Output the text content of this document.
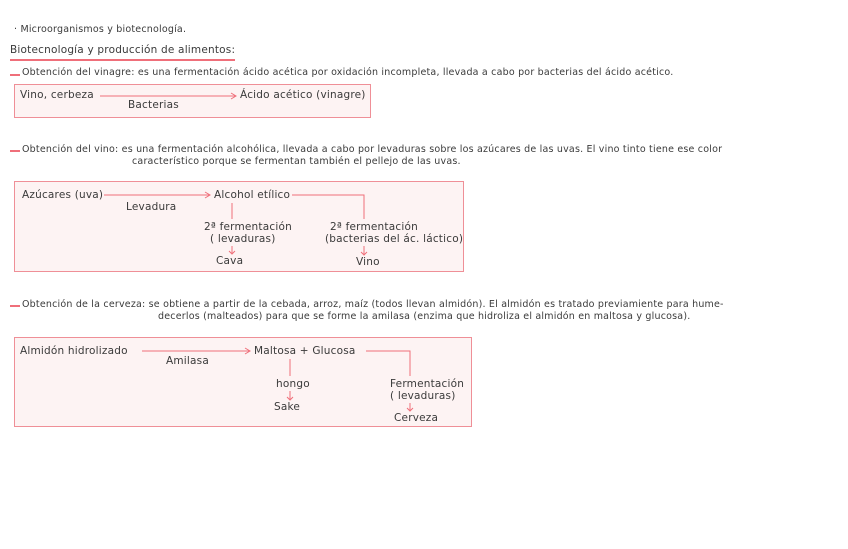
· Microorganismos y biotecnología.
Biotecnología y producción de alimentos:
Obtención del vinagre: es una fermentación ácido acética por oxidación incompleta, llevada a cabo por bacterias del ácido acético.
Vino, cerbeza
Bacterias
Ácido acético (vinagre)
Obtención del vino: es una fermentación alcohólica, llevada a cabo por levaduras sobre los azúcares de las uvas. El vino tinto tiene ese color
característico porque se fermentan también el pellejo de las uvas.
Azúcares (uva)
Levadura
Alcohol etílico
2ª fermentación
( levaduras)
Cava
2ª fermentación
(bacterias del ác. láctico)
Vino
Obtención de la cerveza: se obtiene a partir de la cebada, arroz, maíz (todos llevan almidón). El almidón es tratado previamiente para hume-
decerlos (malteados) para que se forme la amilasa (enzima que hidroliza el almidón en maltosa y glucosa).
Almidón hidrolizado
Amilasa
Maltosa + Glucosa
hongo
Sake
Fermentación
( levaduras)
Cerveza
